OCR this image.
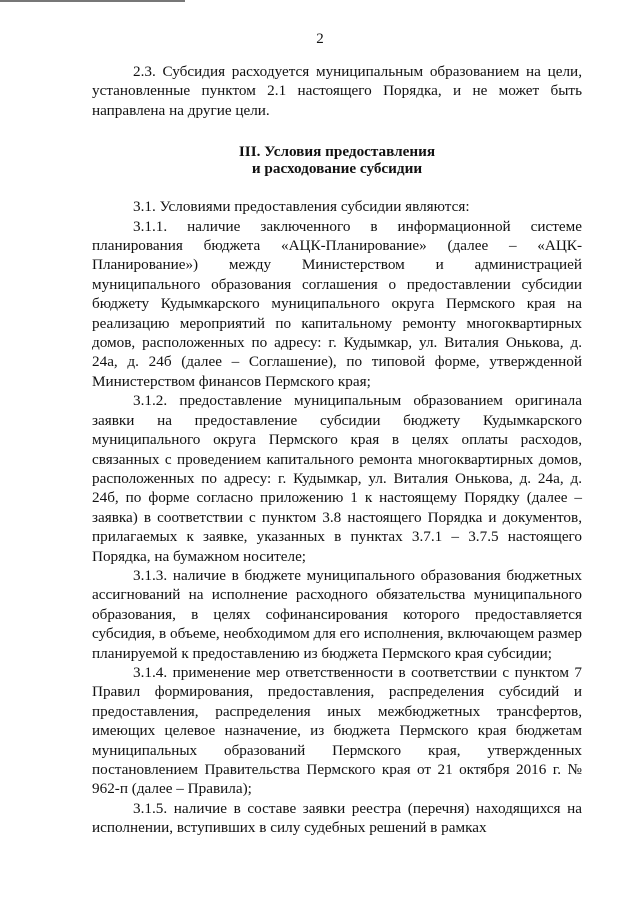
2

2.3. Субсидия расходуется муниципальным образованием на цели, установленные пунктом 2.1 настоящего Порядка, и не может быть направлена на другие цели.

III. Условия предоставления
и расходование субсидии

3.1. Условиями предоставления субсидии являются:

3.1.1. наличие заключенного в информационной системе планирования бюджета «АЦК-Планирование» (далее – «АЦК-Планирование») между Министерством и администрацией муниципального образования соглашения о предоставлении субсидии бюджету Кудымкарского муниципального округа Пермского края на реализацию мероприятий по капитальному ремонту многоквартирных домов, расположенных по адресу: г. Кудымкар, ул. Виталия Онькова, д. 24а, д. 24б (далее – Соглашение), по типовой форме, утвержденной Министерством финансов Пермского края;

3.1.2. предоставление муниципальным образованием оригинала заявки на предоставление субсидии бюджету Кудымкарского муниципального округа Пермского края в целях оплаты расходов, связанных с проведением капитального ремонта многоквартирных домов, расположенных по адресу: г. Кудымкар, ул. Виталия Онькова, д. 24а, д. 24б, по форме согласно приложению 1 к настоящему Порядку (далее – заявка) в соответствии с пунктом 3.8 настоящего Порядка и документов, прилагаемых к заявке, указанных в пунктах 3.7.1 – 3.7.5 настоящего Порядка, на бумажном носителе;

3.1.3. наличие в бюджете муниципального образования бюджетных ассигнований на исполнение расходного обязательства муниципального образования, в целях софинансирования которого предоставляется субсидия, в объеме, необходимом для его исполнения, включающем размер планируемой к предоставлению из бюджета Пермского края субсидии;

3.1.4. применение мер ответственности в соответствии с пунктом 7 Правил формирования, предоставления, распределения субсидий и предоставления, распределения иных межбюджетных трансфертов, имеющих целевое назначение, из бюджета Пермского края бюджетам муниципальных образований Пермского края, утвержденных постановлением Правительства Пермского края от 21 октября 2016 г. № 962-п (далее – Правила);

3.1.5. наличие в составе заявки реестра (перечня) находящихся на исполнении, вступивших в силу судебных решений в рамках
